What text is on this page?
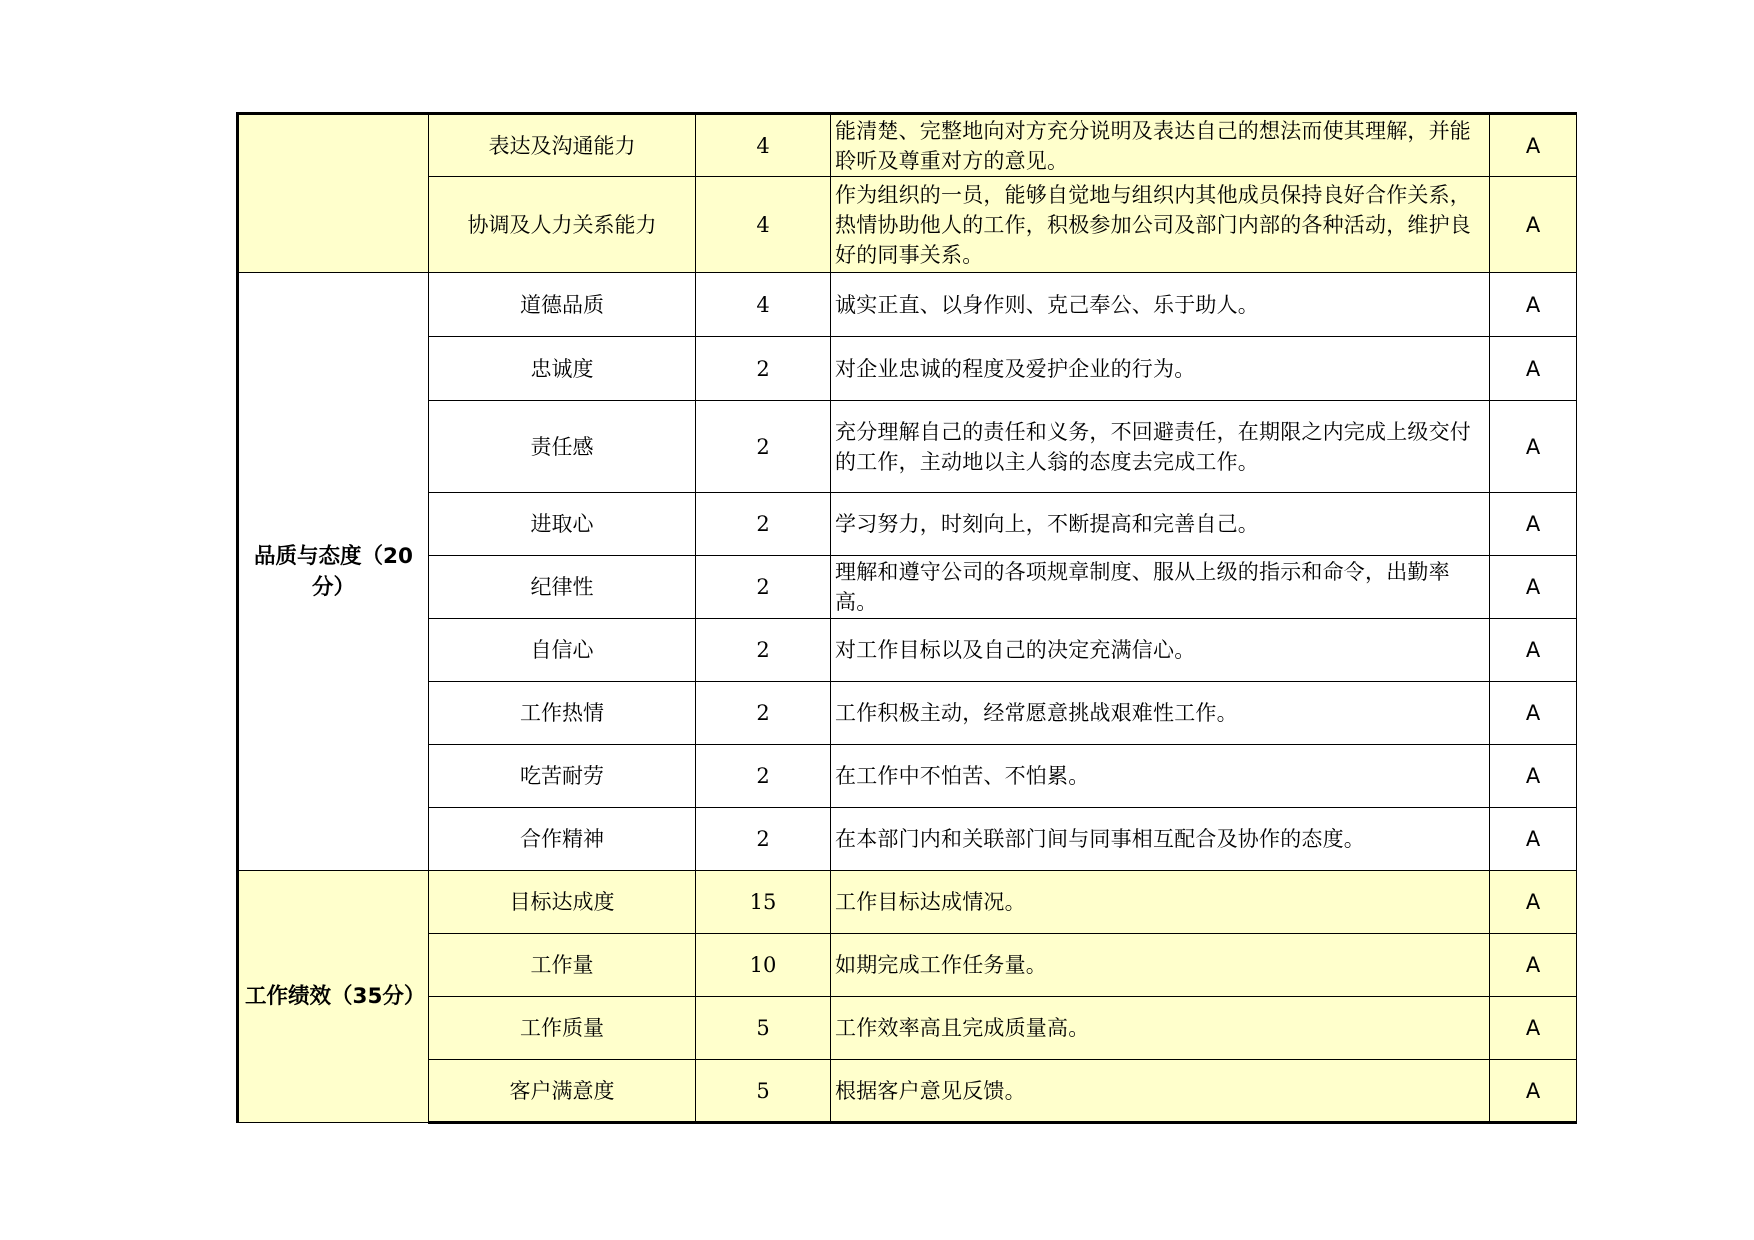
	表达及沟通能力	4	能清楚、完整地向对方充分说明及表达自己的想法而使其理解，并能聆听及尊重对方的意见。	A
	协调及人力关系能力	4	作为组织的一员，能够自觉地与组织内其他成员保持良好合作关系，热情协助他人的工作，积极参加公司及部门内部的各种活动，维护良好的同事关系。	A
品质与态度（20分）	道德品质	4	诚实正直、以身作则、克己奉公、乐于助人。	A
	忠诚度	2	对企业忠诚的程度及爱护企业的行为。	A
	责任感	2	充分理解自己的责任和义务，不回避责任，在期限之内完成上级交付的工作，主动地以主人翁的态度去完成工作。	A
	进取心	2	学习努力，时刻向上，不断提高和完善自己。	A
	纪律性	2	理解和遵守公司的各项规章制度、服从上级的指示和命令，出勤率高。	A
	自信心	2	对工作目标以及自己的决定充满信心。	A
	工作热情	2	工作积极主动，经常愿意挑战艰难性工作。	A
	吃苦耐劳	2	在工作中不怕苦、不怕累。	A
	合作精神	2	在本部门内和关联部门间与同事相互配合及协作的态度。	A
工作绩效（35分）	目标达成度	15	工作目标达成情况。	A
	工作量	10	如期完成工作任务量。	A
	工作质量	5	工作效率高且完成质量高。	A
	客户满意度	5	根据客户意见反馈。	A
